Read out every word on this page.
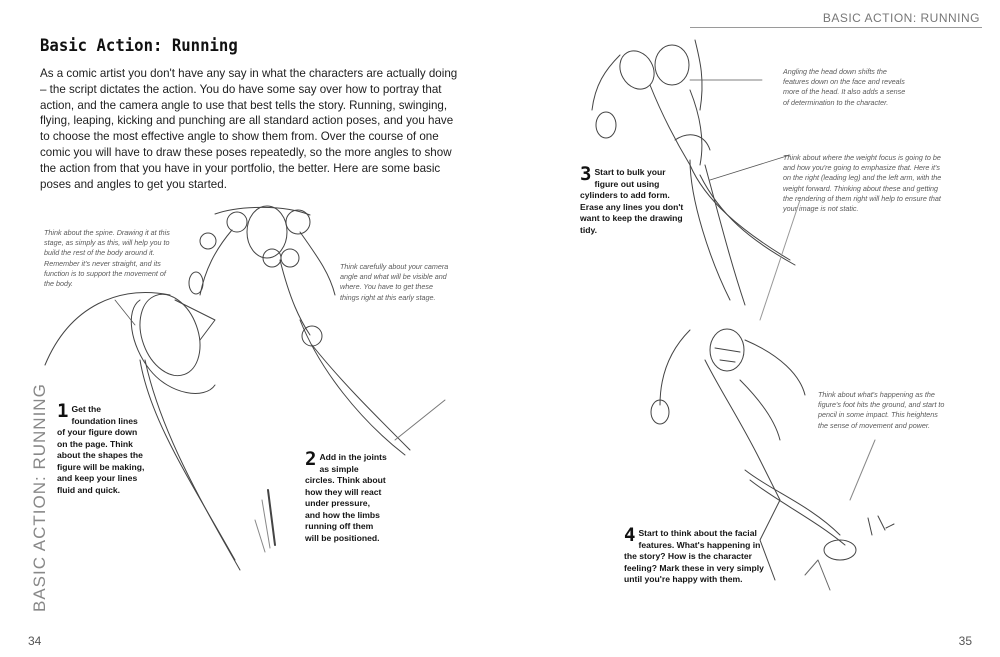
BASIC ACTION: RUNNING
BASIC ACTION: RUNNING
34	35
Basic Action: Running
As a comic artist you don't have any say in what the characters are actually doing – the script dictates the action. You do have some say over how to portray that action, and the camera angle to use that best tells the story. Running, swinging, flying, leaping, kicking and punching are all standard action poses, and you have to choose the most effective angle to show them from. Over the course of one comic you will have to draw these poses repeatedly, so the more angles to show the action from that you have in your portfolio, the better. Here are some basic poses and angles to get you started.
Think about the spine. Drawing it at this stage, as simply as this, will help you to build the rest of the body around it. Remember it's never straight, and its function is to support the movement of the body.
Think carefully about your camera angle and what will be visible and where. You have to get these things right at this early stage.
Angling the head down shifts the features down on the face and reveals more of the head. It also adds a sense of determination to the character.
Think about where the weight focus is going to be and how you're going to emphasize that. Here it's on the right (leading leg) and the left arm, with the weight forward. Thinking about these and getting the rendering of them right will help to ensure that your image is not static.
Think about what's happening as the figure's foot hits the ground, and start to pencil in some impact. This heightens the sense of movement and power.
1 Get the foundation lines of your figure down on the page. Think about the shapes the figure will be making, and keep your lines fluid and quick.
2 Add in the joints as simple circles. Think about how they will react under pressure, and how the limbs running off them will be positioned.
3 Start to bulk your figure out using cylinders to add form. Erase any lines you don't want to keep the drawing tidy.
4 Start to think about the facial features. What's happening in the story? How is the character feeling? Mark these in very simply until you're happy with them.
